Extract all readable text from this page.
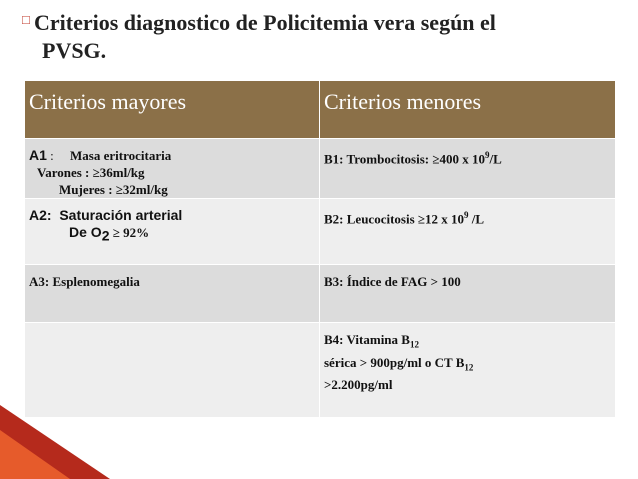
□ Criterios diagnostico de Policitemia vera según el
PVSG.
Criterios mayores	Criterios menores

A1 : Masa eritrocitaria
Varones : ≥36ml/kg
Mujeres : ≥32ml/kg	B1: Trombocitosis: ≥400 x $10^9/L$

A2: Saturación arterial
De $O_2 \ge 92\%$	B2: Leucocitosis ≥12 x $10^9$ /L
A3: Esplenomegalia	B3: Índice de FAG > 100

	B4: Vitamina $B_{12}$
sérica > 900pg/ml o CT $B_{12}$
>2.200pg/ml
